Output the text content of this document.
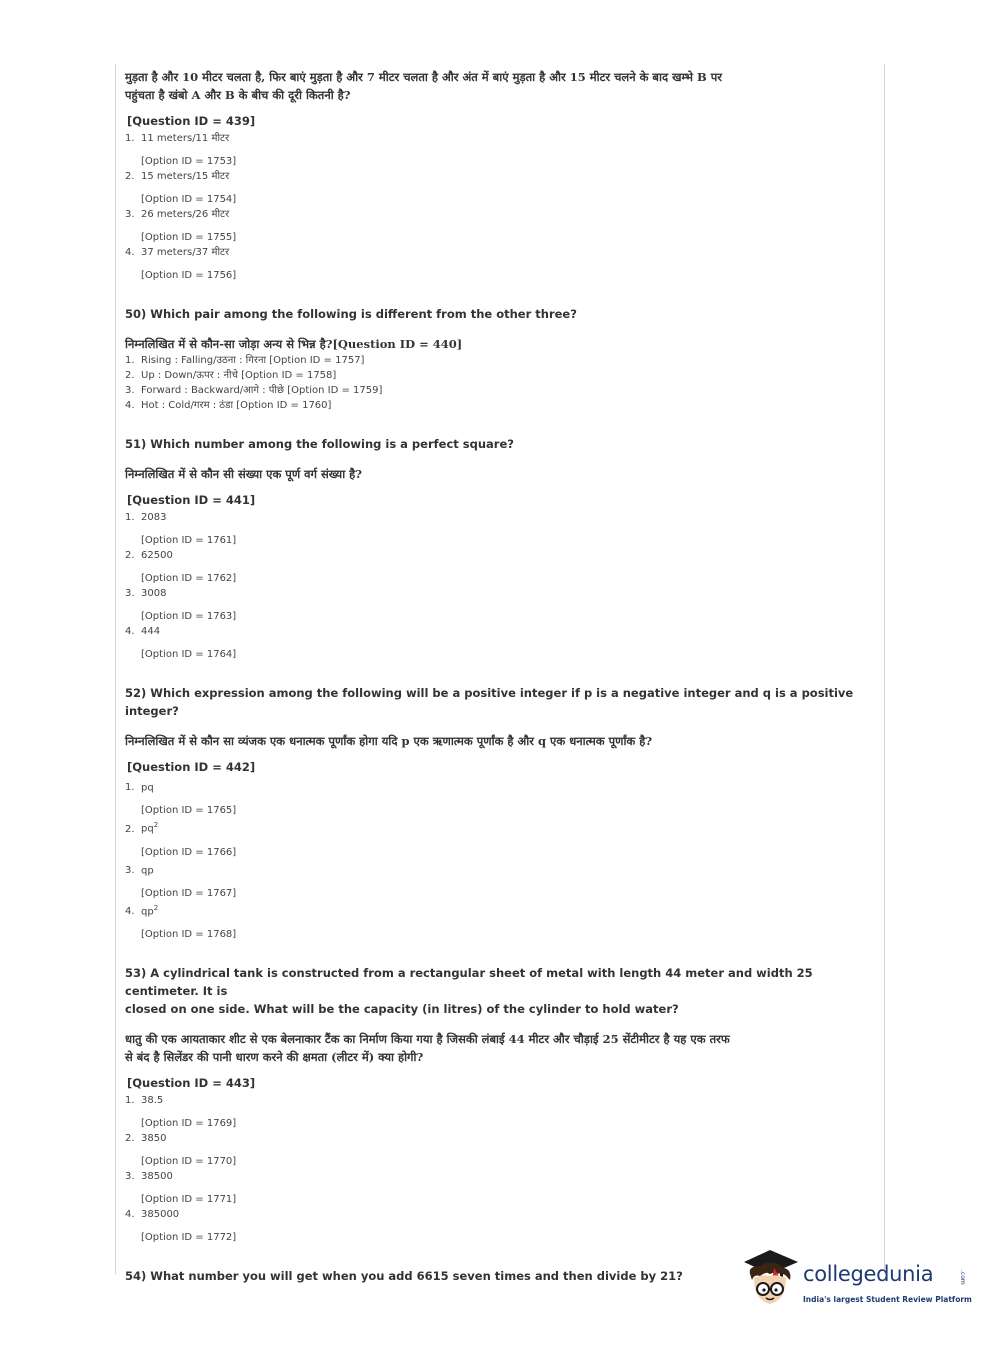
मुड़ता है और 10 मीटर चलता है, फिर बाएं मुड़ता है और 7 मीटर चलता है और अंत में बाएं मुड़ता है और 15 मीटर चलने के बाद खम्भे B पर

पहुंचता है खंबो A और B के बीच की दूरी कितनी है?

[Question ID = 439]

1. 11 meters/11 मीटर

[Option ID = 1753]

2. 15 meters/15 मीटर

[Option ID = 1754]

3. 26 meters/26 मीटर

[Option ID = 1755]

4. 37 meters/37 मीटर

[Option ID = 1756]

50) Which pair among the following is different from the other three?

निम्नलिखित में से कौन-सा जोड़ा अन्य से भिन्न है?[Question ID = 440]

1. Rising : Falling/उठना : गिरना [Option ID = 1757]

2. Up : Down/ऊपर : नीचे [Option ID = 1758]

3. Forward : Backward/आगे : पीछे [Option ID = 1759]

4. Hot : Cold/गरम : ठंडा [Option ID = 1760]

51) Which number among the following is a perfect square?

निम्नलिखित में से कौन सी संख्या एक पूर्ण वर्ग संख्या है?

[Question ID = 441]

1. 2083

[Option ID = 1761]

2. 62500

[Option ID = 1762]

3. 3008

[Option ID = 1763]

4. 444

[Option ID = 1764]

52) Which expression among the following will be a positive integer if p is a negative integer and q is a positive integer?

निम्नलिखित में से कौन सा व्यंजक एक धनात्मक पूर्णांक होगा यदि p एक ऋणात्मक पूर्णांक है और q एक धनात्मक पूर्णांक है?

[Question ID = 442]

1. pq

[Option ID = 1765]

2. $pq^2$

[Option ID = 1766]

3. qp

[Option ID = 1767]

4. $qp^2$

[Option ID = 1768]

53) A cylindrical tank is constructed from a rectangular sheet of metal with length 44 meter and width 25 centimeter. It is

closed on one side. What will be the capacity (in litres) of the cylinder to hold water?

धातु की एक आयताकार शीट से एक बेलनाकार टैंक का निर्माण किया गया है जिसकी लंबाई 44 मीटर और चौड़ाई 25 सेंटीमीटर है यह एक तरफ

से बंद है सिलेंडर की पानी धारण करने की क्षमता (लीटर में) क्या होगी?

[Question ID = 443]

1. 38.5

[Option ID = 1769]

2. 3850

[Option ID = 1770]

3. 38500

[Option ID = 1771]

4. 385000

[Option ID = 1772]

54) What number you will get when you add 6615 seven times and then divide by 21?	collegedunia	.com
India's largest Student Review Platform
